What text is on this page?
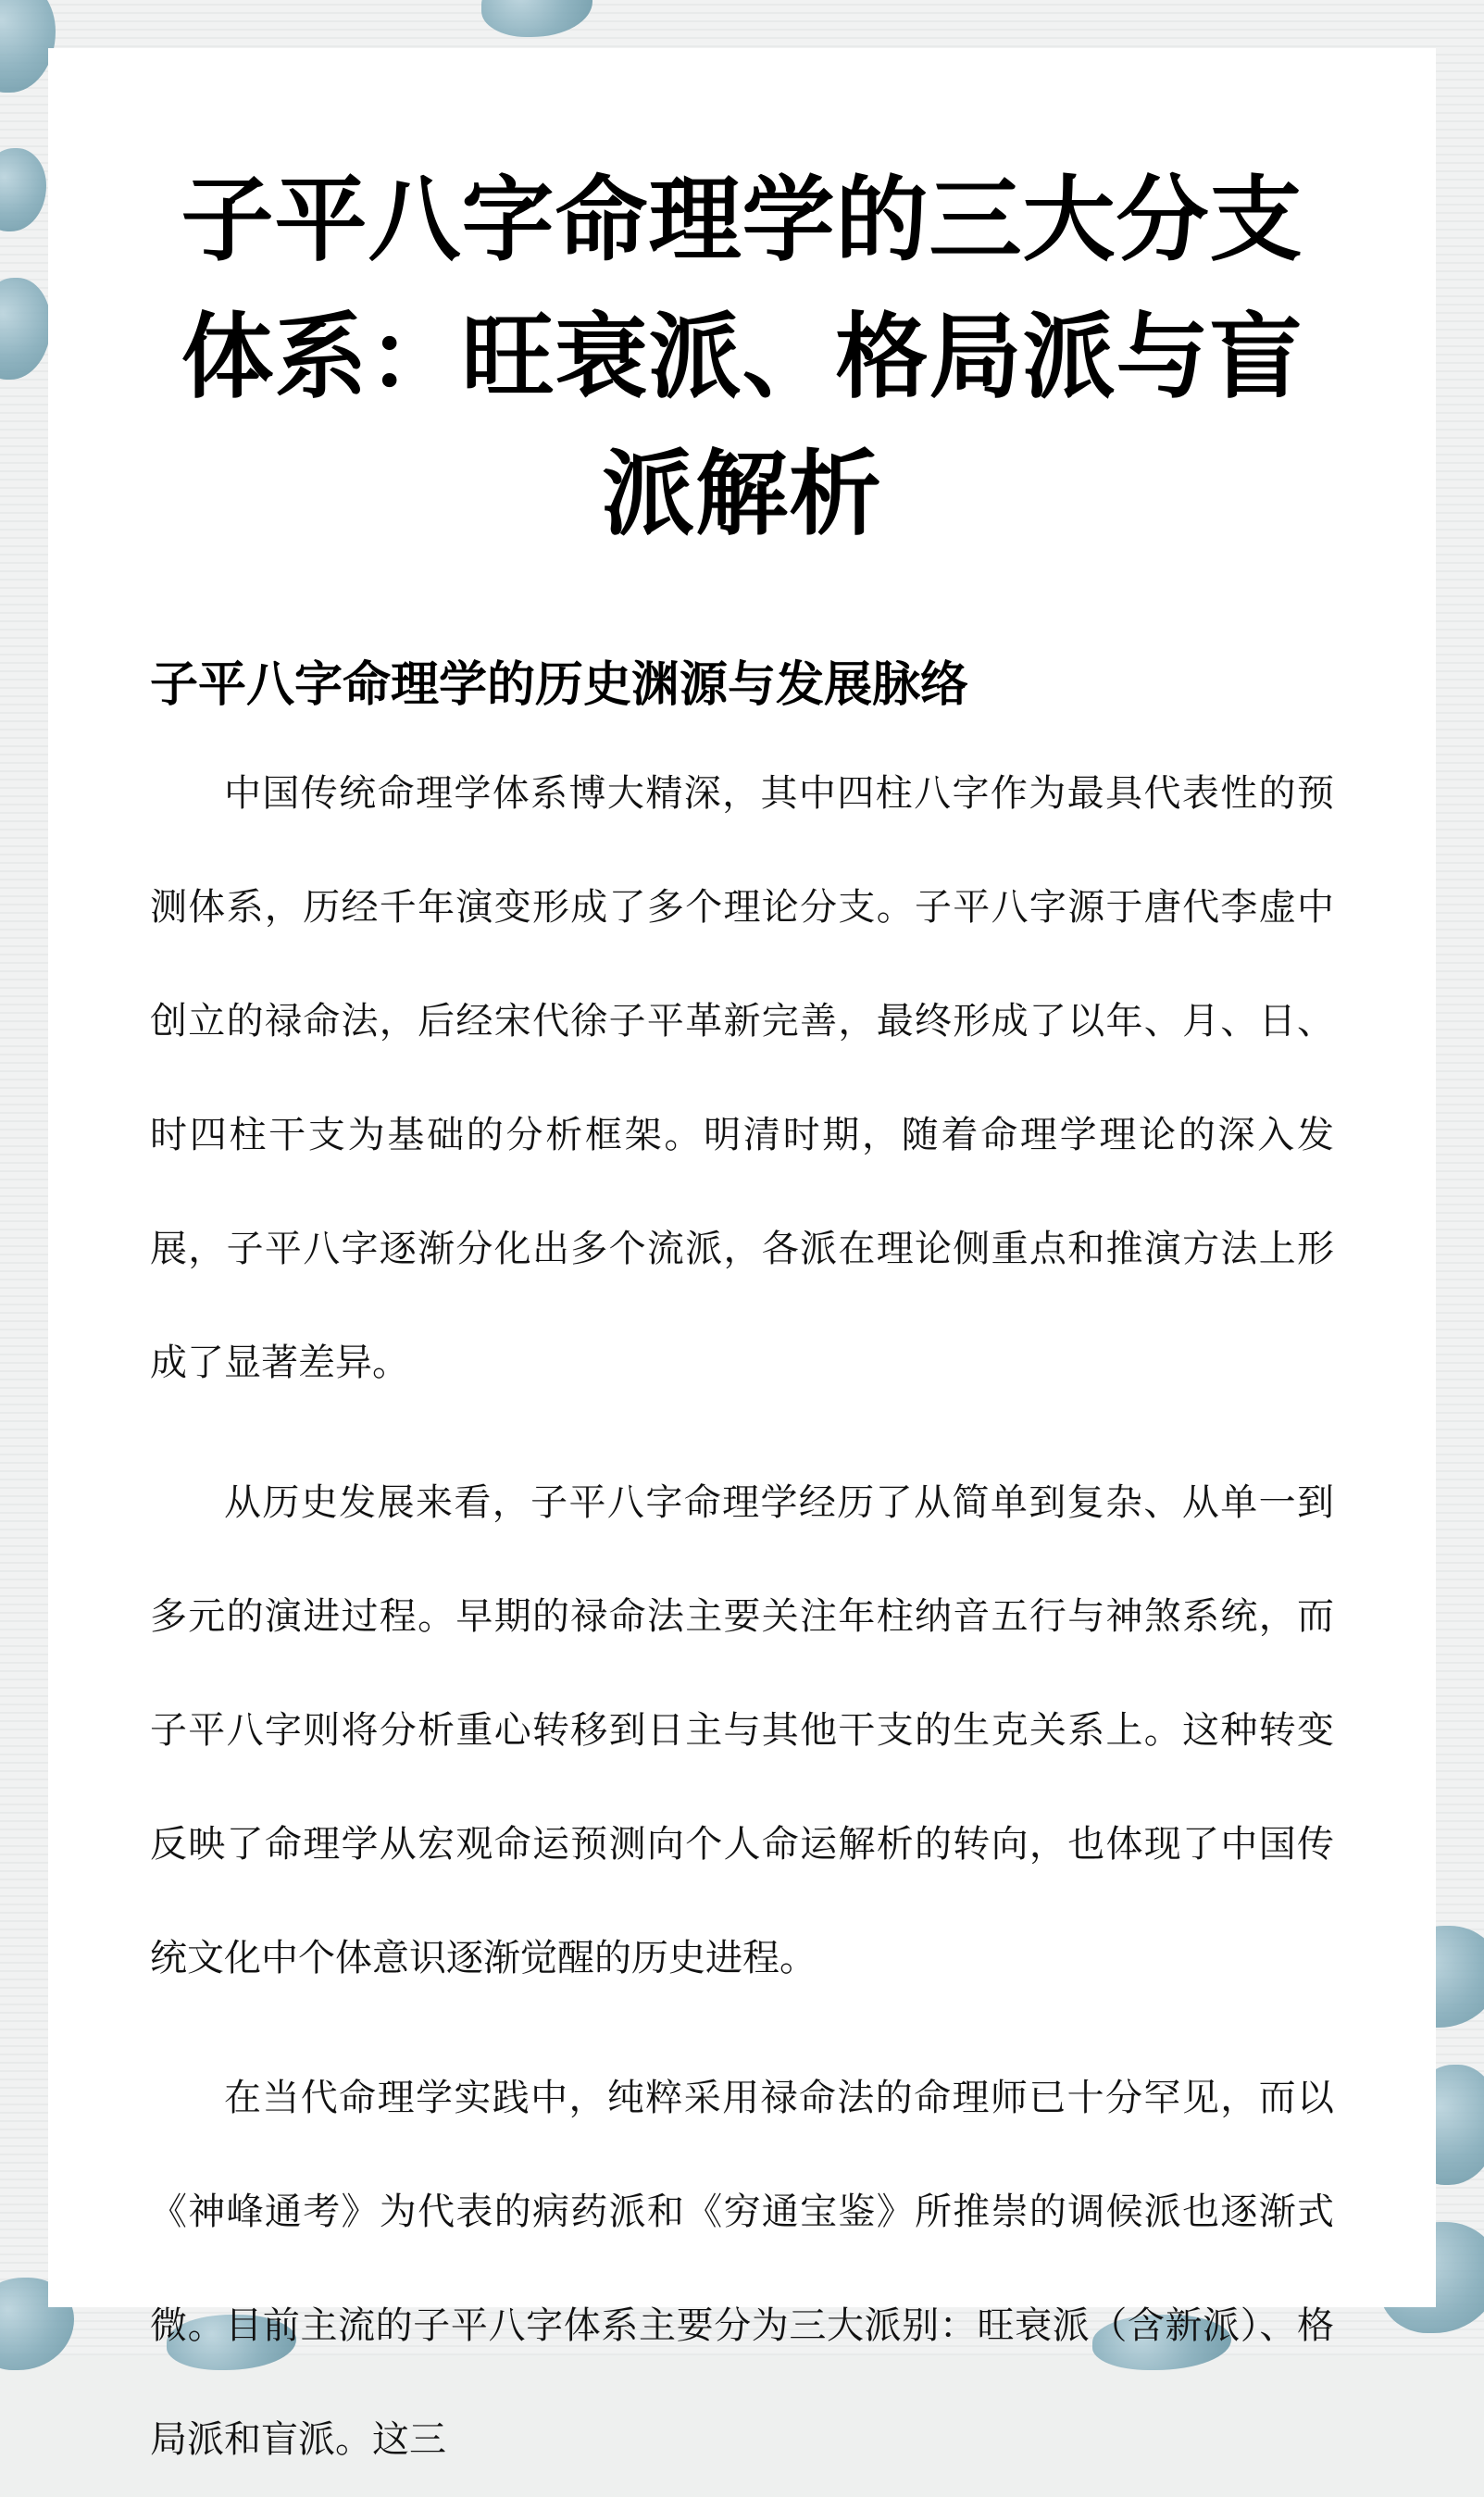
子平八字命理学的三大分支体系：旺衰派、格局派与盲派解析
子平八字命理学的历史渊源与发展脉络

中国传统命理学体系博大精深，其中四柱八字作为最具代表性的预测体系，历经千年演变形成了多个理论分支。子平八字源于唐代李虚中创立的禄命法，后经宋代徐子平革新完善，最终形成了以年、月、日、时四柱干支为基础的分析框架。明清时期，随着命理学理论的深入发展，子平八字逐渐分化出多个流派，各派在理论侧重点和推演方法上形成了显著差异。

从历史发展来看，子平八字命理学经历了从简单到复杂、从单一到多元的演进过程。早期的禄命法主要关注年柱纳音五行与神煞系统，而子平八字则将分析重心转移到日主与其他干支的生克关系上。这种转变反映了命理学从宏观命运预测向个人命运解析的转向，也体现了中国传统文化中个体意识逐渐觉醒的历史进程。

在当代命理学实践中，纯粹采用禄命法的命理师已十分罕见，而以《神峰通考》为代表的病药派和《穷通宝鉴》所推崇的调候派也逐渐式微。目前主流的子平八字体系主要分为三大派别：旺衰派（含新派）、格局派和盲派。这三
